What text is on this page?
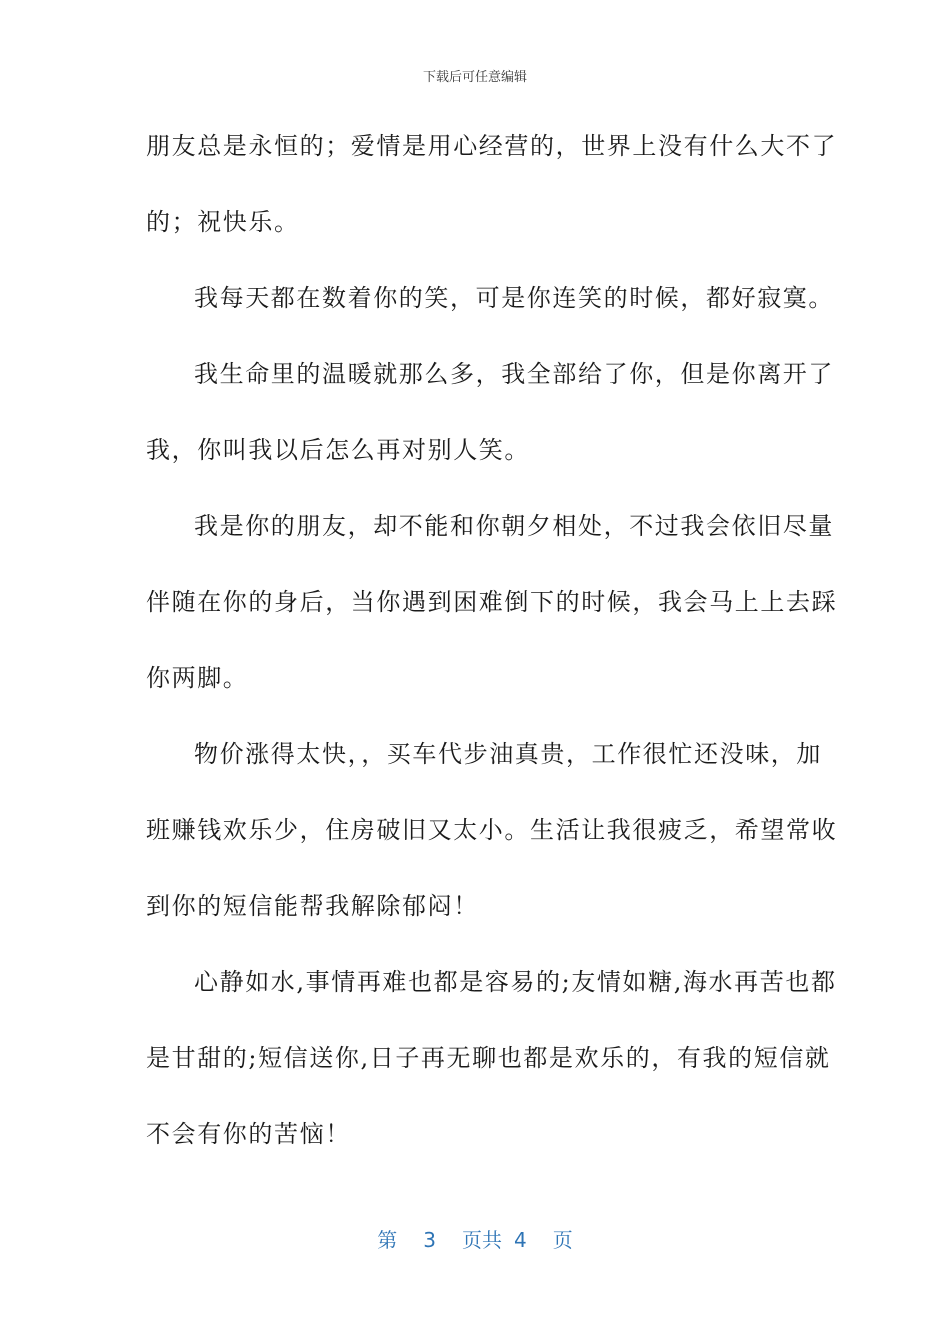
下载后可任意编辑
朋友总是永恒的；爱情是用心经营的，世界上没有什么大不了
的；祝快乐。
我每天都在数着你的笑，可是你连笑的时候，都好寂寞。
我生命里的温暖就那么多，我全部给了你，但是你离开了
我，你叫我以后怎么再对别人笑。
我是你的朋友，却不能和你朝夕相处，不过我会依旧尽量
伴随在你的身后，当你遇到困难倒下的时候，我会马上上去踩
你两脚。
物价涨得太快，，买车代步油真贵，工作很忙还没味，加
班赚钱欢乐少，住房破旧又太小。生活让我很疲乏，希望常收
到你的短信能帮我解除郁闷！
心静如水,事情再难也都是容易的;友情如糖,海水再苦也都
是甘甜的;短信送你,日子再无聊也都是欢乐的，有我的短信就
不会有你的苦恼！
第 3 页共 4 页
